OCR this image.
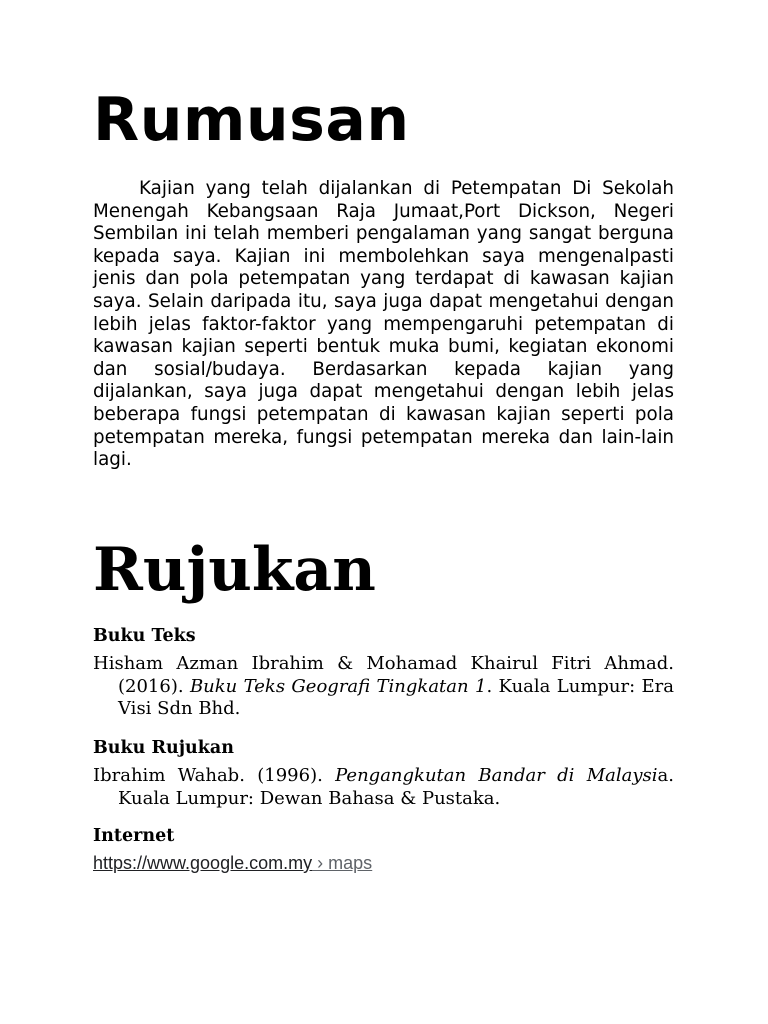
Rumusan

Kajian yang telah dijalankan di Petempatan Di Sekolah Menengah Kebangsaan Raja Jumaat,Port Dickson, Negeri Sembilan ini telah memberi pengalaman yang sangat berguna kepada saya. Kajian ini membolehkan saya mengenalpasti jenis dan pola petempatan yang terdapat di kawasan kajian saya. Selain daripada itu, saya juga dapat mengetahui dengan lebih jelas faktor-faktor yang mempengaruhi petempatan di kawasan kajian seperti bentuk muka bumi, kegiatan ekonomi dan sosial/budaya. Berdasarkan kepada kajian yang dijalankan, saya juga dapat mengetahui dengan lebih jelas beberapa fungsi petempatan di kawasan kajian seperti pola petempatan mereka, fungsi petempatan mereka dan lain-lain lagi.

Rujukan

Buku Teks

Hisham Azman Ibrahim & Mohamad Khairul Fitri Ahmad. (2016). Buku Teks Geografi Tingkatan 1. Kuala Lumpur: Era Visi Sdn Bhd.

Buku Rujukan

Ibrahim Wahab. (1996). Pengangkutan Bandar di Malaysia. Kuala Lumpur: Dewan Bahasa & Pustaka.

Internet

https://www.google.com.my › maps
